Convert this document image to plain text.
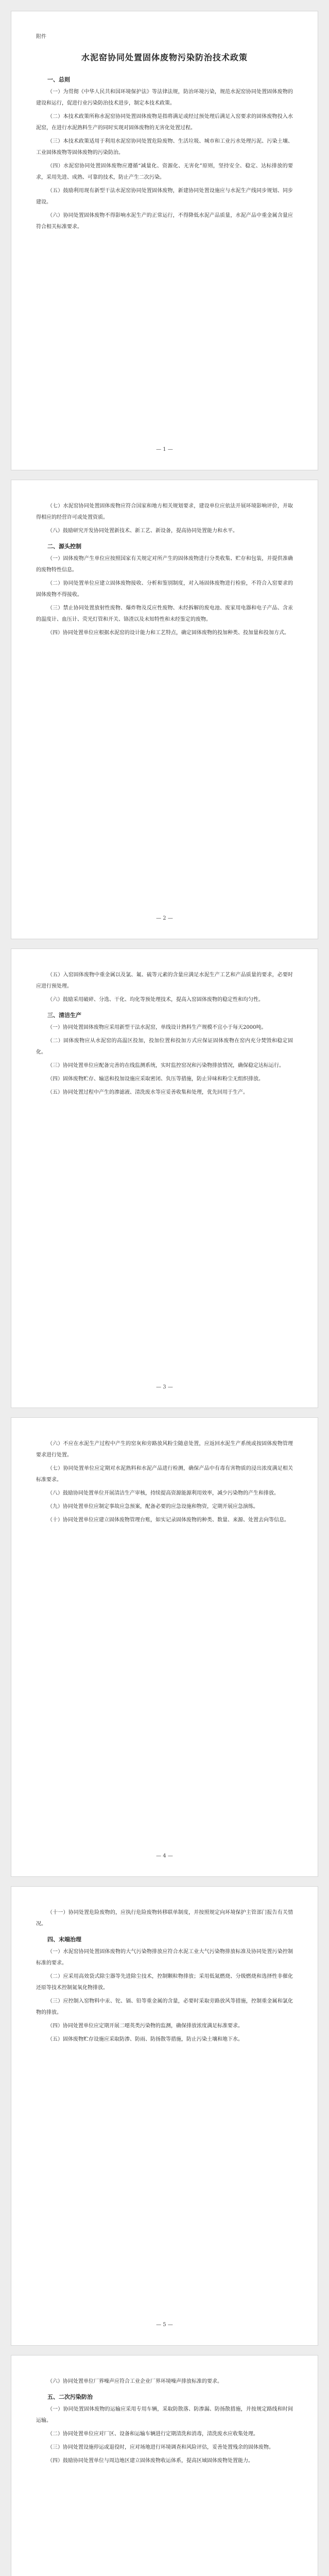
附件

水泥窑协同处置固体废物污染防治技术政策
一、总则

（一）为贯彻《中华人民共和国环境保护法》等法律法规，防治环境污染，规范水泥窑协同处置固体废物的建设和运行，促进行业污染防治技术进步，制定本技术政策。

（二）本技术政策所称水泥窑协同处置固体废物是指将满足或经过预处理后满足入窑要求的固体废物投入水泥窑，在进行水泥熟料生产的同时实现对固体废物的无害化处置过程。

（三）本技术政策适用于利用水泥窑协同处置危险废物、生活垃圾、城市和工业污水处理污泥、污染土壤、工业固体废物等固体废物的污染防治。

（四）水泥窑协同处置固体废物应遵循“减量化、资源化、无害化”原则，坚持安全、稳定、达标排放的要求，采用先进、成熟、可靠的技术，防止产生二次污染。

（五）鼓励利用现有新型干法水泥窑协同处置固体废物，新建协同处置设施应与水泥生产线同步规划、同步建设。

（六）协同处置固体废物不得影响水泥生产的正常运行，不得降低水泥产品质量，水泥产品中重金属含量应符合相关标准要求。

— 1 —

（七）水泥窑协同处置固体废物应符合国家和地方相关规划要求，建设单位应依法开展环境影响评价，并取得相应的经营许可或处置资质。

（八）鼓励研究开发协同处置新技术、新工艺、新设备，提高协同处置能力和水平。

二、源头控制

（一）固体废物产生单位应按照国家有关规定对所产生的固体废物进行分类收集、贮存和包装，并提供准确的废物特性信息。

（二）协同处置单位应建立固体废物接收、分析和鉴别制度，对入场固体废物进行检验，不符合入窑要求的固体废物不得接收。

（三）禁止协同处置放射性废物、爆炸物及反应性废物、未经拆解的废电池、废家用电器和电子产品、含汞的温度计、血压计、荧光灯管和开关、铬渣以及未知特性和未经鉴定的废物。

（四）协同处置单位应根据水泥窑的设计能力和工艺特点，确定固体废物的投加种类、投加量和投加方式。

— 2 —

（五）入窑固体废物中重金属以及氯、氟、硫等元素的含量应满足水泥生产工艺和产品质量的要求，必要时应进行预处理。

（六）鼓励采用破碎、分选、干化、均化等预处理技术，提高入窑固体废物的稳定性和均匀性。

三、清洁生产

（一）协同处置固体废物应采用新型干法水泥窑，单线设计熟料生产规模不宜小于每天2000吨。

（二）固体废物应从水泥窑的高温区投加，投加位置和投加方式应保证固体废物在窑内充分焚毁和稳定固化。

（三）协同处置单位应配备完善的在线监测系统，实时监控窑况和污染物排放情况，确保稳定达标运行。

（四）固体废物贮存、输送和投加设施应采取密闭、负压等措施，防止异味和粉尘无组织排放。

（五）协同处置过程中产生的渗滤液、清洗废水等应妥善收集和处理，优先回用于生产。

— 3 —

（六）不应在水泥生产过程中产生的窑灰和旁路放风粉尘随意处置，应返回水泥生产系统或按固体废物管理要求进行处置。

（七）协同处置单位应定期对水泥熟料和水泥产品进行检测，确保产品中有毒有害物质的浸出浓度满足相关标准要求。

（八）鼓励协同处置单位开展清洁生产审核，持续提高资源能源利用效率，减少污染物的产生和排放。

（九）协同处置单位应制定事故应急预案，配备必要的应急设施和物资，定期开展应急演练。

（十）协同处置单位应建立固体废物管理台账，如实记录固体废物的种类、数量、来源、处置去向等信息。

— 4 —

（十一）协同处置危险废物的，应执行危险废物转移联单制度，并按照规定向环境保护主管部门报告有关情况。

四、末端治理

（一）水泥窑协同处置固体废物的大气污染物排放应符合水泥工业大气污染物排放标准及协同处置污染控制标准的要求。

（二）应采用高效袋式除尘器等先进除尘技术，控制颗粒物排放；采用低氮燃烧、分级燃烧和选择性非催化还原等技术控制氮氧化物排放。

（三）应控制入窑物料中汞、铊、镉、铅等重金属的含量，必要时采取旁路放风等措施，控制重金属和氯化物的排放。

（四）协同处置单位应定期开展二噁英类污染物的监测，确保排放浓度满足标准要求。

（五）固体废物贮存设施应采取防渗、防雨、防扬散等措施，防止污染土壤和地下水。

— 5 —

（六）协同处置单位厂界噪声应符合工业企业厂界环境噪声排放标准的要求。

五、二次污染防治

（一）协同处置固体废物的运输应采用专用车辆，采取防散落、防渗漏、防扬散措施，并按规定路线和时间运输。

（二）协同处置单位应对厂区、设备和运输车辆进行定期清洗和消毒，清洗废水应收集处理。

（三）协同处置设施停运或退役时，应对场地进行环境调查和风险评估，妥善处置残余的固体废物。

（四）鼓励协同处置单位与周边地区建立固体废物收运体系，提高区域固体废物处置能力。
